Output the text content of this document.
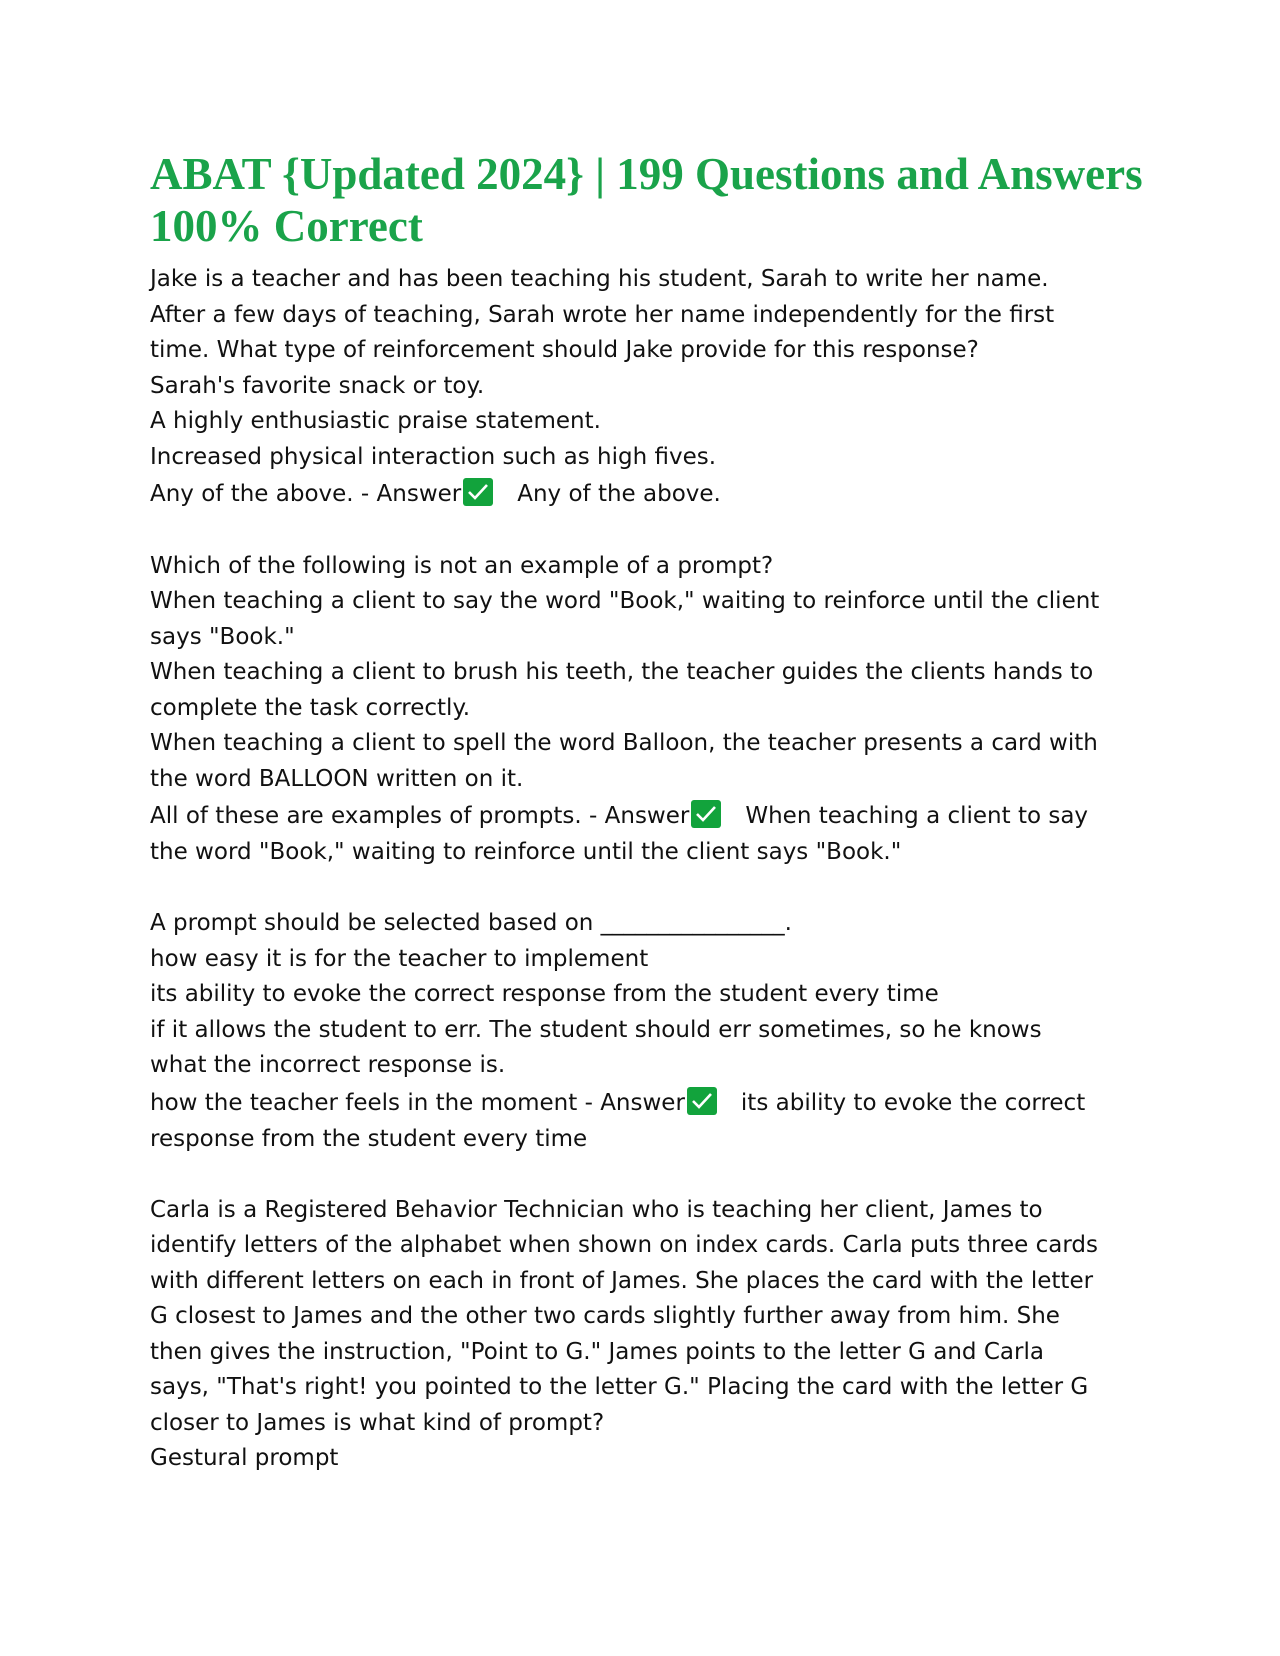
ABAT {Updated 2024} | 199 Questions and Answers
100% Correct
Jake is a teacher and has been teaching his student, Sarah to write her name.
After a few days of teaching, Sarah wrote her name independently for the first
time. What type of reinforcement should Jake provide for this response?
Sarah's favorite snack or toy.
A highly enthusiastic praise statement.
Increased physical interaction such as high fives.
Any of the above. - Answer Any of the above.
Which of the following is not an example of a prompt?
When teaching a client to say the word "Book," waiting to reinforce until the client
says "Book."
When teaching a client to brush his teeth, the teacher guides the clients hands to
complete the task correctly.
When teaching a client to spell the word Balloon, the teacher presents a card with
the word BALLOON written on it.
All of these are examples of prompts. - Answer When teaching a client to say
the word "Book," waiting to reinforce until the client says "Book."
A prompt should be selected based on ________________.
how easy it is for the teacher to implement
its ability to evoke the correct response from the student every time
if it allows the student to err. The student should err sometimes, so he knows
what the incorrect response is.
how the teacher feels in the moment - Answer its ability to evoke the correct
response from the student every time
Carla is a Registered Behavior Technician who is teaching her client, James to
identify letters of the alphabet when shown on index cards. Carla puts three cards
with different letters on each in front of James. She places the card with the letter
G closest to James and the other two cards slightly further away from him. She
then gives the instruction, "Point to G." James points to the letter G and Carla
says, "That's right! you pointed to the letter G." Placing the card with the letter G
closer to James is what kind of prompt?
Gestural prompt
